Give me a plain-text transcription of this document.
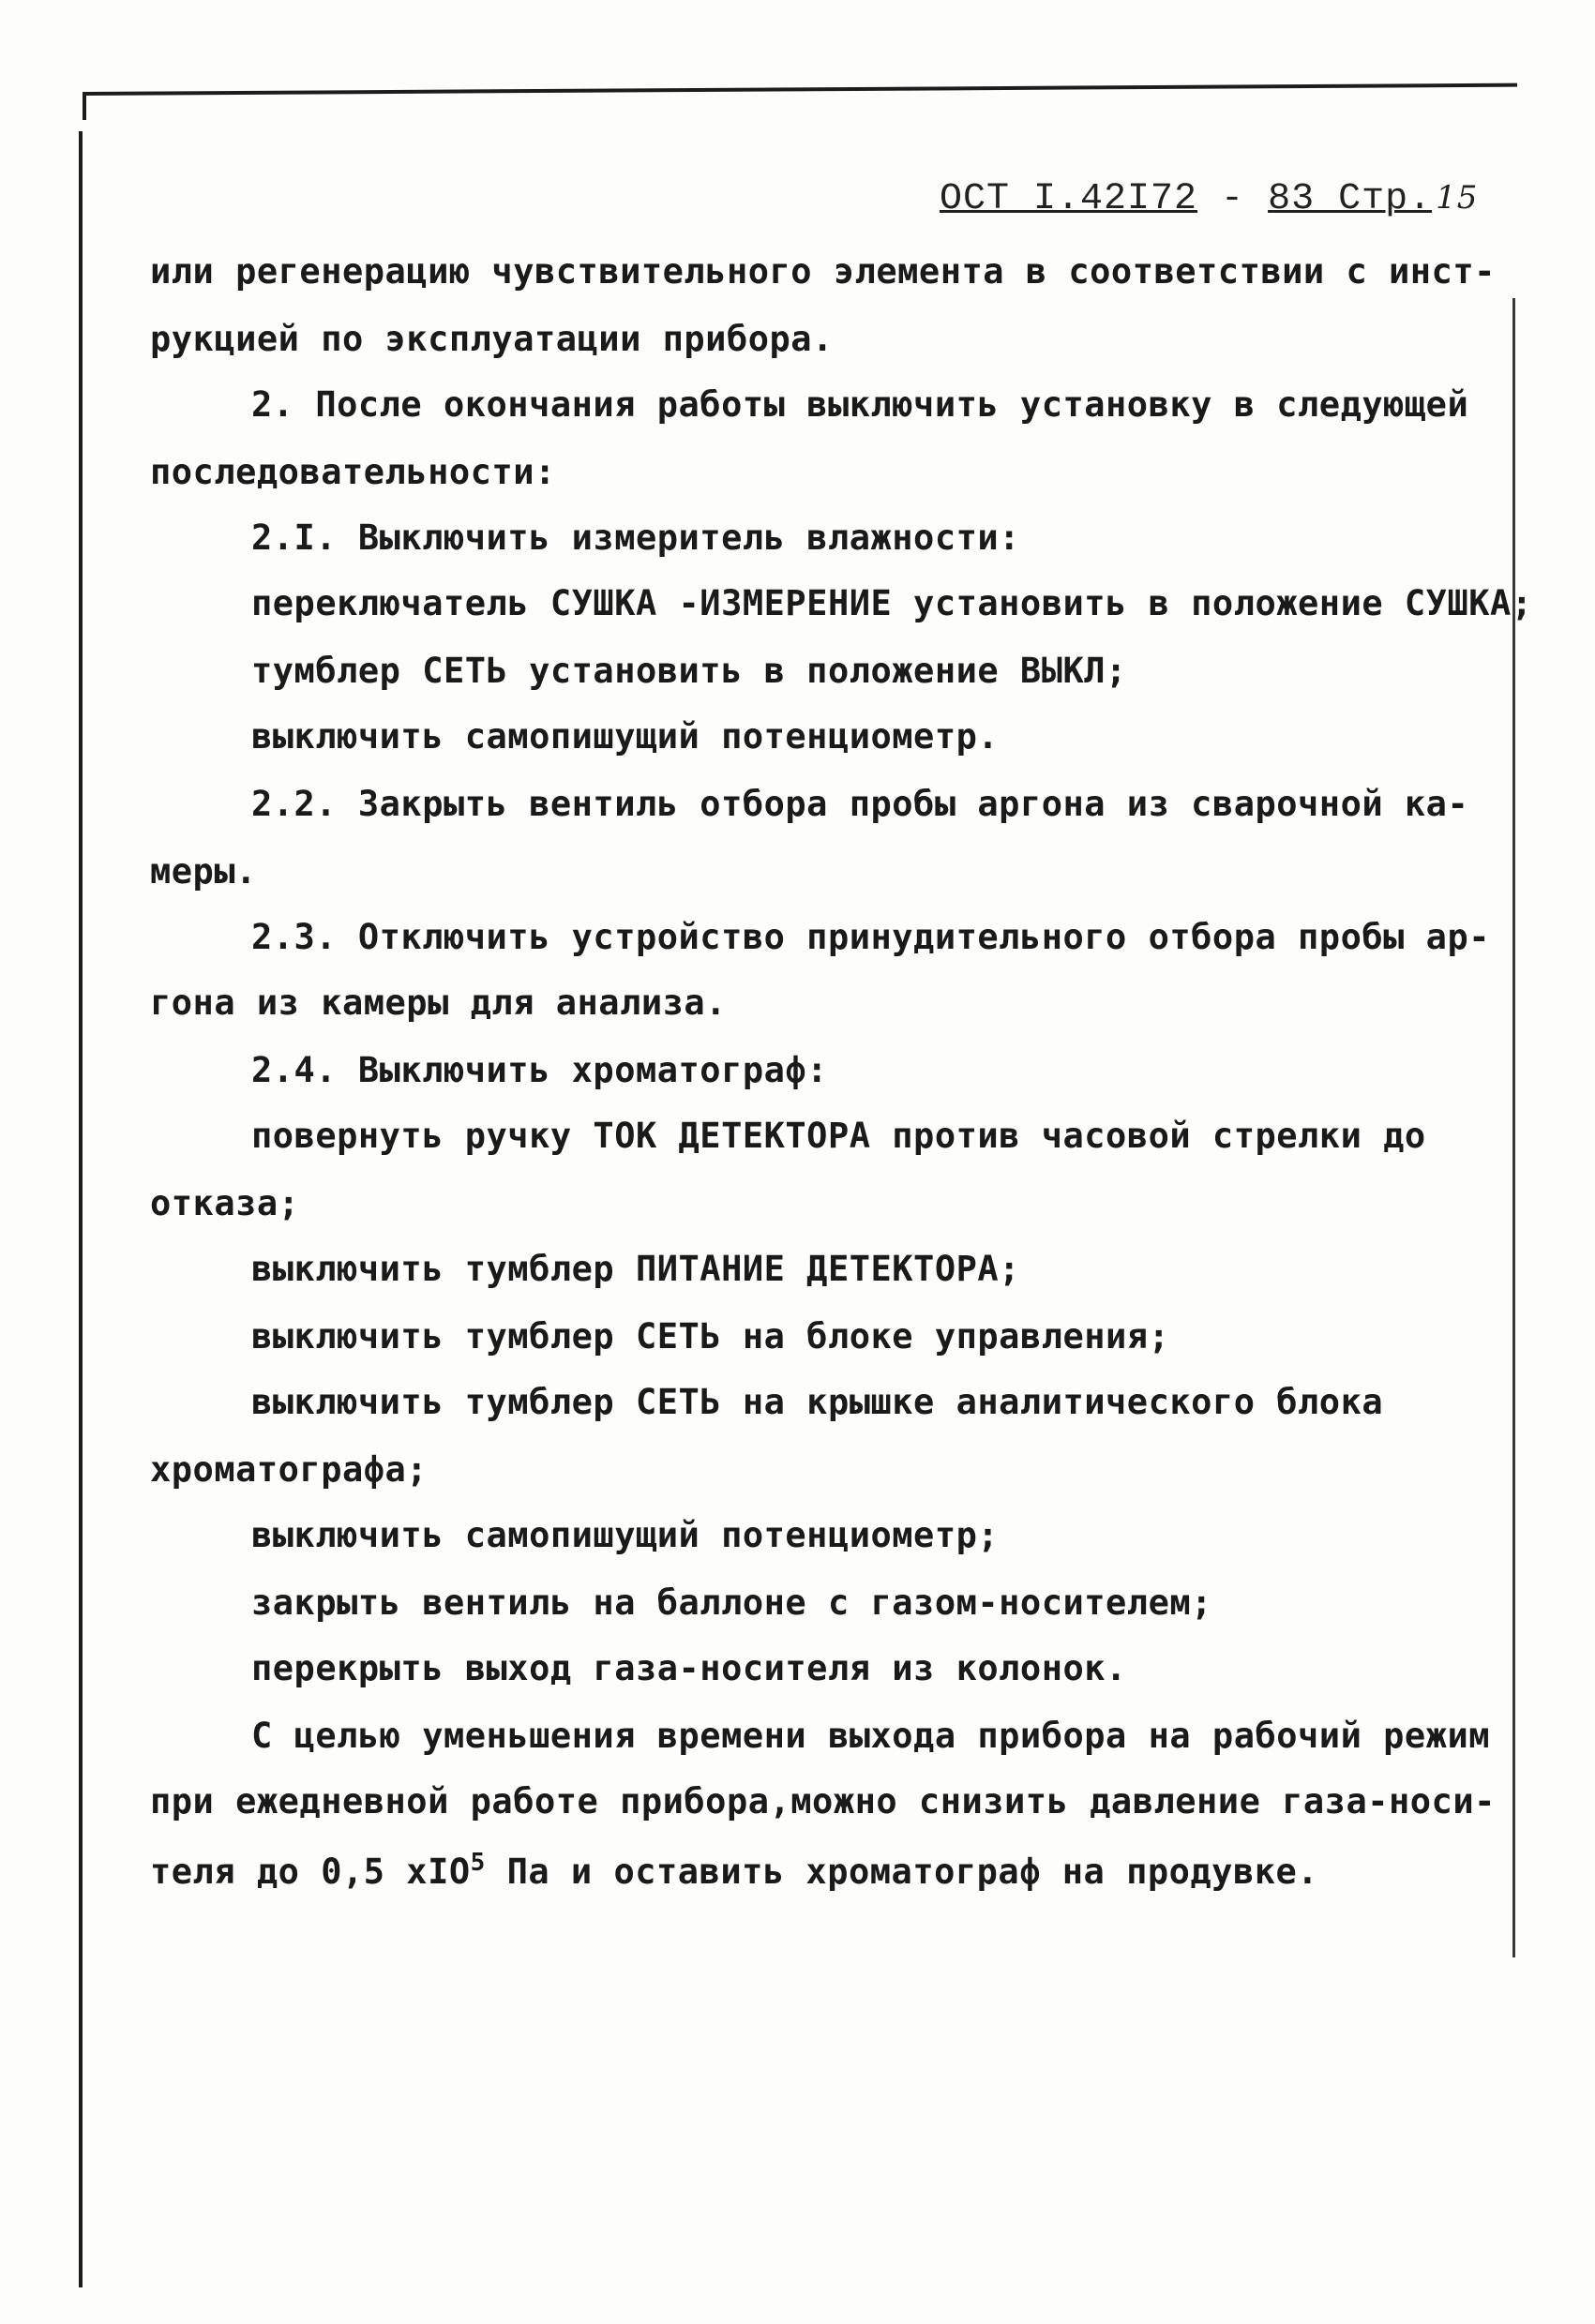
ОСТ I.42I72 - 83 Стр. 15
или регенерацию чувствительного элемента в соответствии с инст-
рукцией по эксплуатации прибора.
2. После окончания работы выключить установку в следующей
последовательности:
2.I. Выключить измеритель влажности:
переключатель СУШКА -ИЗМЕРЕНИЕ установить в положение СУШКА;
тумблер СЕТЬ установить в положение ВЫКЛ;
выключить самопишущий потенциометр.
2.2. Закрыть вентиль отбора пробы аргона из сварочной ка-
меры.
2.3. Отключить устройство принудительного отбора пробы ар-
гона из камеры для анализа.
2.4. Выключить хроматограф:
повернуть ручку ТОК ДЕТЕКТОРА против часовой стрелки до
отказа;
выключить тумблер ПИТАНИЕ ДЕТЕКТОРА;
выключить тумблер СЕТЬ на блоке управления;
выключить тумблер СЕТЬ на крышке аналитического блока
хроматографа;
выключить самопишущий потенциометр;
закрыть вентиль на баллоне с газом-носителем;
перекрыть выход газа-носителя из колонок.
С целью уменьшения времени выхода прибора на рабочий режим
при ежедневной работе прибора,можно снизить давление газа-носи-
теля до 0,5 хIO$^5$ Па и оставить хроматограф на продувке.
